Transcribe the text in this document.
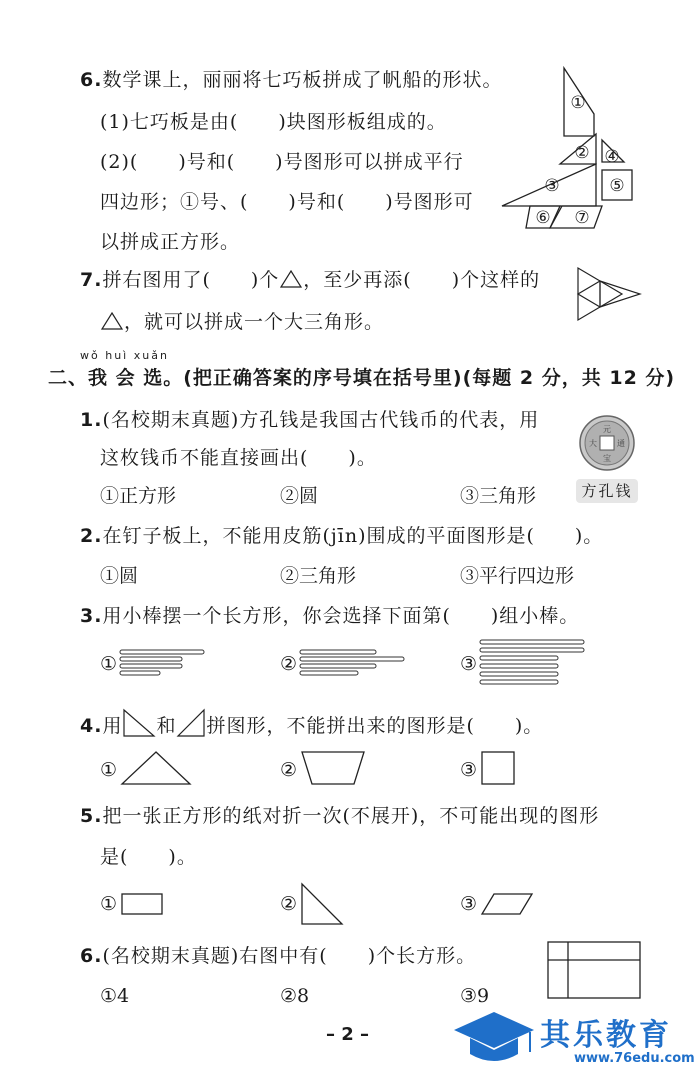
6.数学课上，丽丽将七巧板拼成了帆船的形状。
(1)七巧板是由(　　)块图形板组成的。
(2)(　　)号和(　　)号图形可以拼成平行
四边形；①号、(　　)号和(　　)号图形可
以拼成正方形。
①
②
③
④
⑤
⑥ ⑦
7.拼右图用了(　　)个 ，至少再添(　　)个这样的
，就可以拼成一个大三角形。
wǒ huì xuǎn
二、我 会 选。(把正确答案的序号填在括号里)(每题 2 分，共 12 分)
1.(名校期末真题)方孔钱是我国古代钱币的代表，用
这枚钱币不能直接画出(　　)。
①正方形	②圆	③三角形
元
宝
大	通
方孔钱
2.在钉子板上，不能用皮筋(jīn)围成的平面图形是(　　)。
①圆	②三角形	③平行四边形
3.用小棒摆一个长方形，你会选择下面第(　　)组小棒。
①	②	③
4.用 和 拼图形，不能拼出来的图形是(　　)。
①	②	③
5.把一张正方形的纸对折一次(不展开)，不可能出现的图形
是(　　)。
①	②	③
6.(名校期末真题)右图中有(　　)个长方形。
①4	②8	③9
– 2 –	其乐教育
www.76edu.com
